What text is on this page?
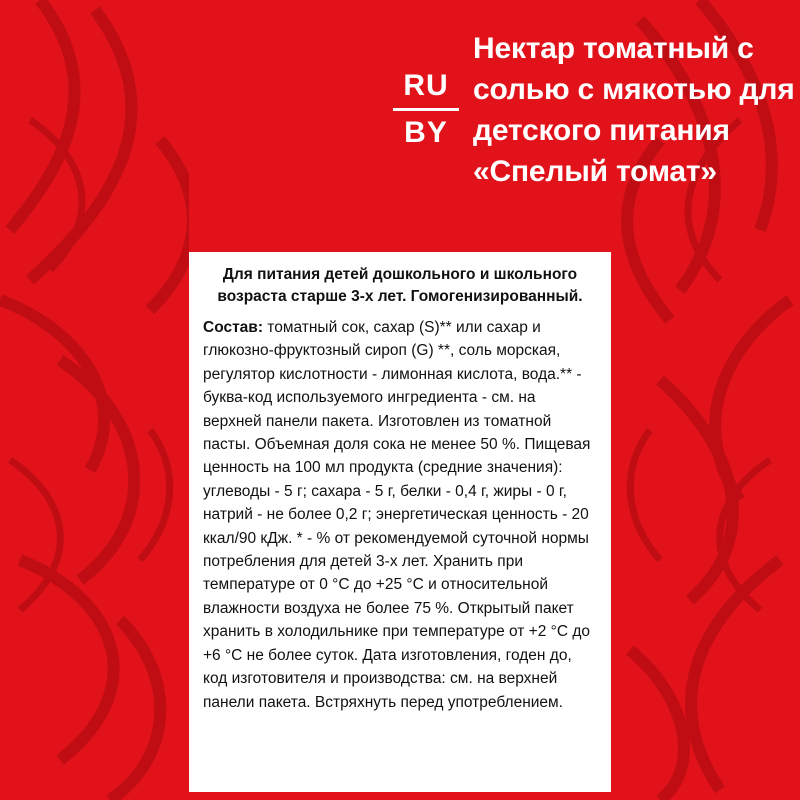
RU
BY
Нектар томатный с солью с мякотью для детского питания «Спелый томат»
Для питания детей дошкольного и школьного возраста старше 3-х лет. Гомогенизированный.

Состав: томатный сок, сахар (S)** или сахар и глюкозно-фруктозный сироп (G) **, соль морская, регулятор кислотности - лимонная кислота, вода.** - буква-код используемого ингредиента - см. на верхней панели пакета. Изготовлен из томатной пасты. Объемная доля сока не менее 50 %. Пищевая ценность на 100 мл продукта (средние значения): углеводы - 5 г; сахара - 5 г, белки - 0,4 г, жиры - 0 г, натрий - не более 0,2 г; энергетическая ценность - 20 ккал/90 кДж. * - % от рекомендуемой суточной нормы потребления для детей 3-х лет. Хранить при температуре от 0 °C до +25 °C и относительной влажности воздуха не более 75 %. Открытый пакет хранить в холодильнике при температуре от +2 °C до +6 °C не более суток. Дата изготовления, годен до, код изготовителя и производства: см. на верхней панели пакета. Встряхнуть перед употреблением.
